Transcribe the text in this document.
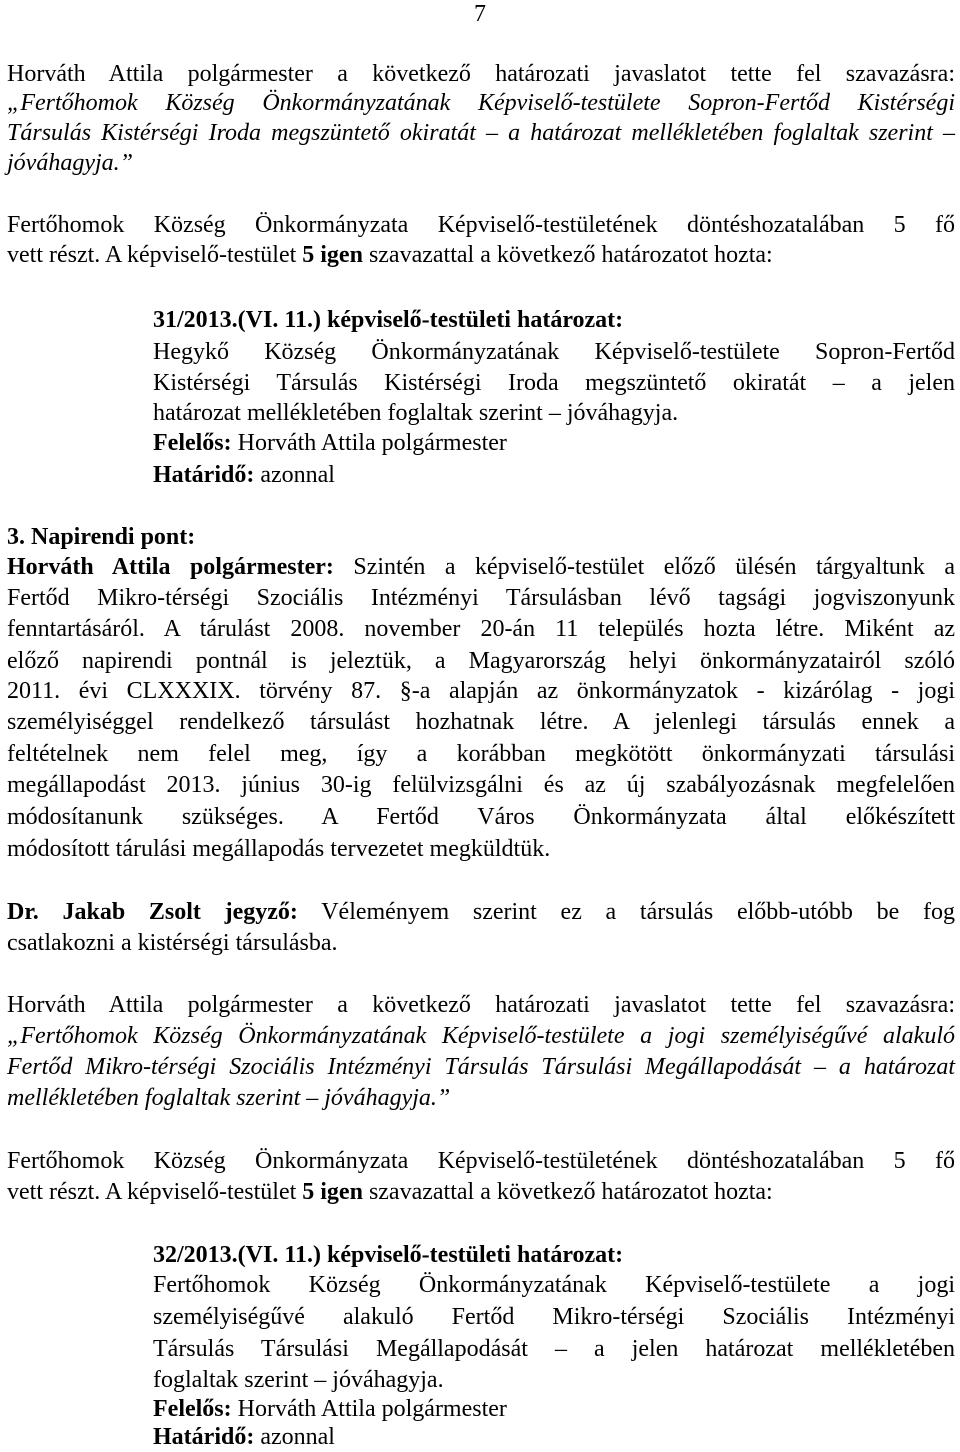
7
Horváth Attila polgármester a következő határozati javaslatot tette fel szavazásra:
„Fertőhomok Község Önkormányzatának Képviselő-testülete Sopron-Fertőd Kistérségi
Társulás Kistérségi Iroda megszüntető okiratát – a határozat mellékletében foglaltak szerint –
jóváhagyja.”
Fertőhomok Község Önkormányzata Képviselő-testületének döntéshozatalában 5 fő
vett részt. A képviselő-testület 5 igen szavazattal a következő határozatot hozta:
31/2013.(VI. 11.) képviselő-testületi határozat:
Hegykő Község Önkormányzatának Képviselő-testülete Sopron-Fertőd
Kistérségi Társulás Kistérségi Iroda megszüntető okiratát – a jelen
határozat mellékletében foglaltak szerint – jóváhagyja.
Felelős: Horváth Attila polgármester
Határidő: azonnal
3. Napirendi pont:
Horváth Attila polgármester: Szintén a képviselő-testület előző ülésén tárgyaltunk a
Fertőd Mikro-térségi Szociális Intézményi Társulásban lévő tagsági jogviszonyunk
fenntartásáról. A tárulást 2008. november 20-án 11 település hozta létre. Miként az
előző napirendi pontnál is jeleztük, a Magyarország helyi önkormányzatairól szóló
2011. évi CLXXXIX. törvény 87. §-a alapján az önkormányzatok - kizárólag - jogi
személyiséggel rendelkező társulást hozhatnak létre. A jelenlegi társulás ennek a
feltételnek nem felel meg, így a korábban megkötött önkormányzati társulási
megállapodást 2013. június 30-ig felülvizsgálni és az új szabályozásnak megfelelően
módosítanunk szükséges. A Fertőd Város Önkormányzata által előkészített
módosított tárulási megállapodás tervezetet megküldtük.
Dr. Jakab Zsolt jegyző: Véleményem szerint ez a társulás előbb-utóbb be fog
csatlakozni a kistérségi társulásba.
Horváth Attila polgármester a következő határozati javaslatot tette fel szavazásra:
„Fertőhomok Község Önkormányzatának Képviselő-testülete a jogi személyiségűvé alakuló
Fertőd Mikro-térségi Szociális Intézményi Társulás Társulási Megállapodását – a határozat
mellékletében foglaltak szerint – jóváhagyja.”
Fertőhomok Község Önkormányzata Képviselő-testületének döntéshozatalában 5 fő
vett részt. A képviselő-testület 5 igen szavazattal a következő határozatot hozta:
32/2013.(VI. 11.) képviselő-testületi határozat:
Fertőhomok Község Önkormányzatának Képviselő-testülete a jogi
személyiségűvé alakuló Fertőd Mikro-térségi Szociális Intézményi
Társulás Társulási Megállapodását – a jelen határozat mellékletében
foglaltak szerint – jóváhagyja.
Felelős: Horváth Attila polgármester
Határidő: azonnal
